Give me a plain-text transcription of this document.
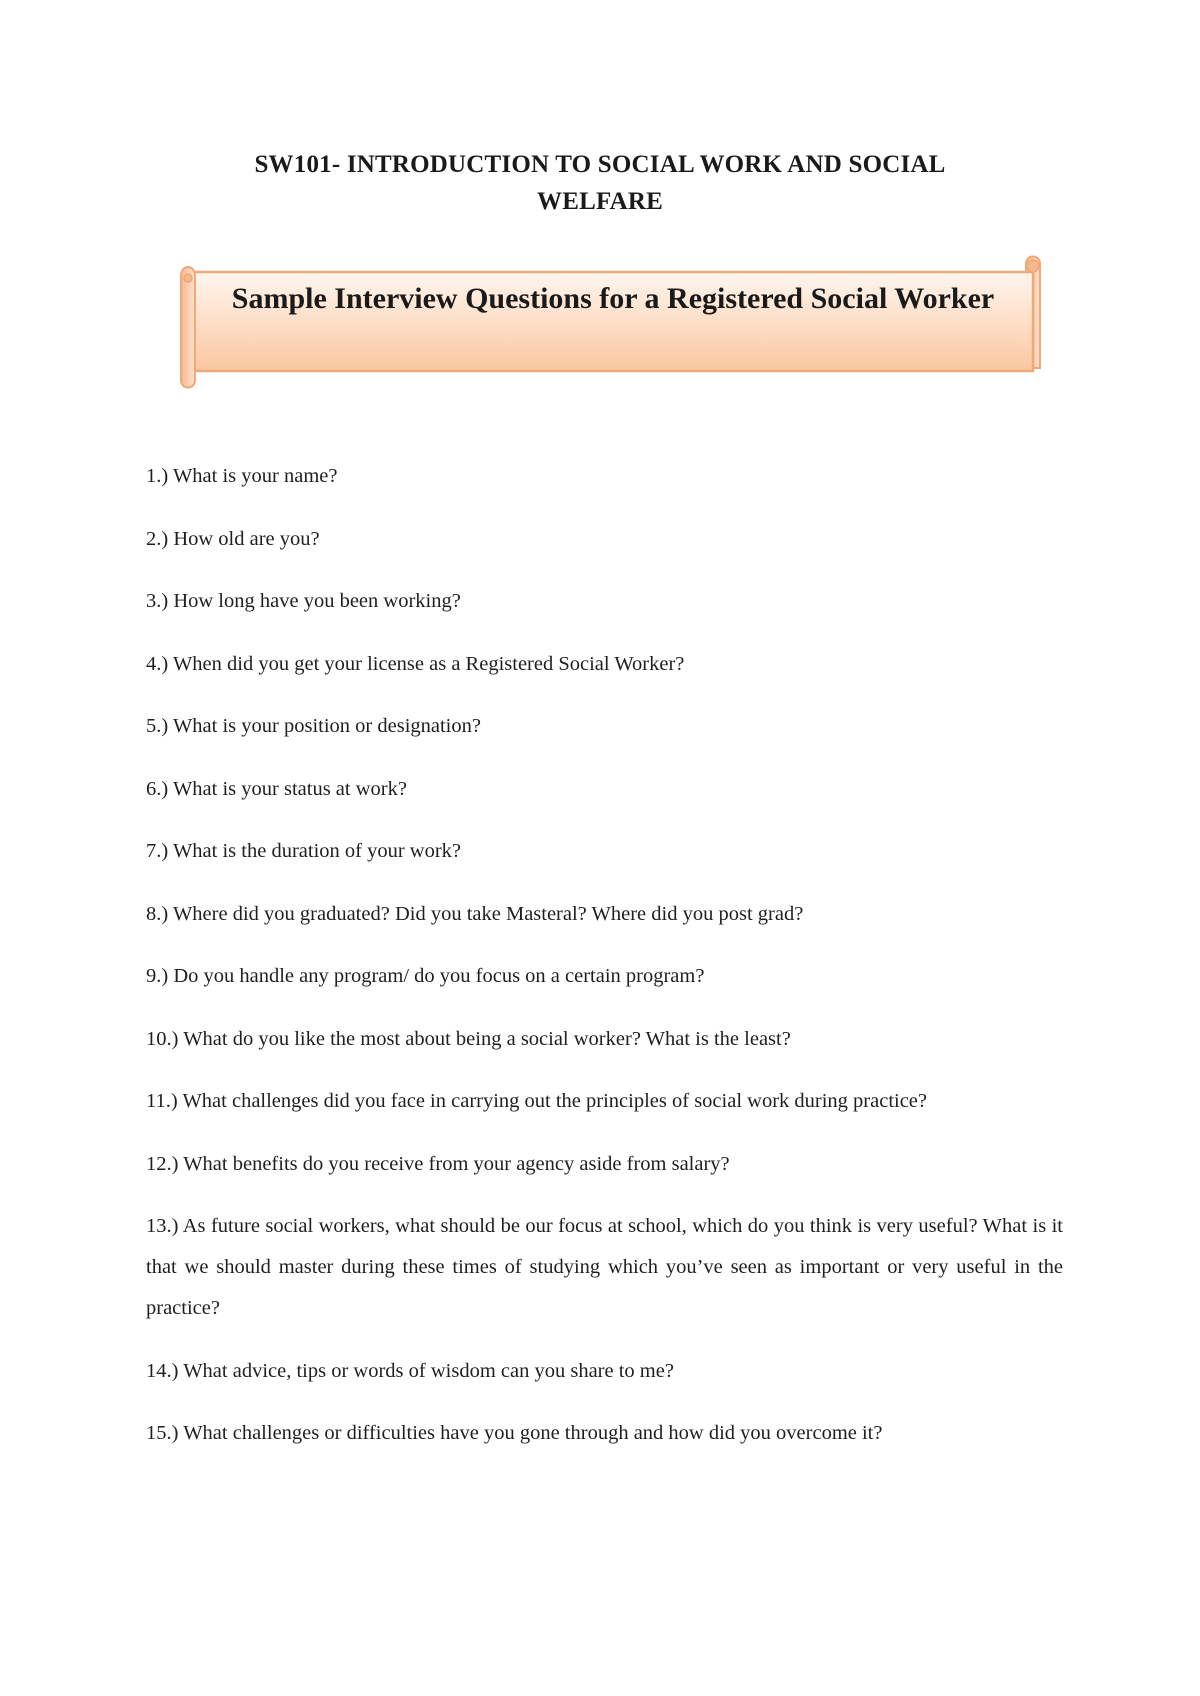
SW101- INTRODUCTION TO SOCIAL WORK AND SOCIAL WELFARE
Sample Interview Questions for a Registered Social Worker
1.) What is your name?
2.) How old are you?
3.) How long have you been working?
4.) When did you get your license as a Registered Social Worker?
5.) What is your position or designation?
6.) What is your status at work?
7.) What is the duration of your work?
8.) Where did you graduated? Did you take Masteral? Where did you post grad?
9.) Do you handle any program/ do you focus on a certain program?
10.) What do you like the most about being a social worker? What is the least?
11.) What challenges did you face in carrying out the principles of social work during practice?
12.) What benefits do you receive from your agency aside from salary?
13.) As future social workers, what should be our focus at school, which do you think is very useful? What is it that we should master during these times of studying which you’ve seen as important or very useful in the practice?
14.) What advice, tips or words of wisdom can you share to me?
15.) What challenges or difficulties have you gone through and how did you overcome it?
